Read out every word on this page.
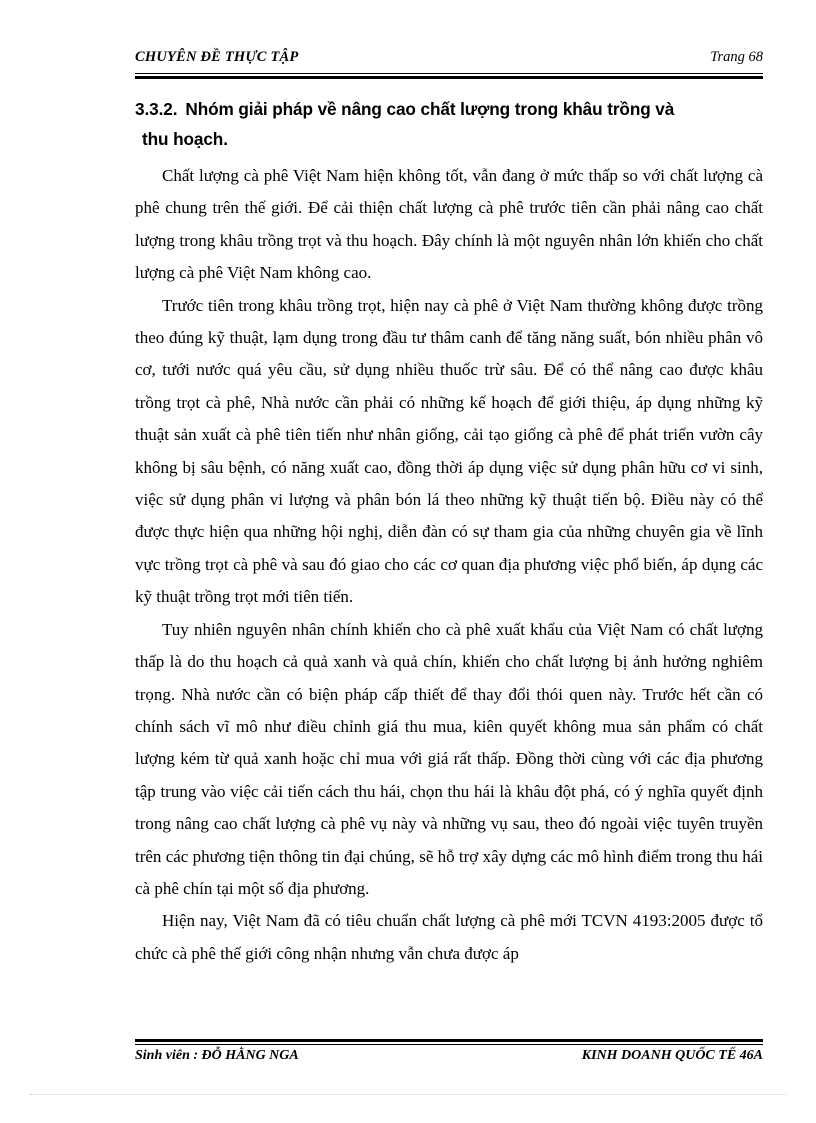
CHUYÊN ĐỀ THỰC TẬP	Trang 68
3.3.2. Nhóm giải pháp về nâng cao chất lượng trong khâu trồng và
thu hoạch.

Chất lượng cà phê Việt Nam hiện không tốt, vẫn đang ở mức thấp so với chất lượng cà phê chung trên thế giới. Để cải thiện chất lượng cà phê trước tiên cần phải nâng cao chất lượng trong khâu trồng trọt và thu hoạch. Đây chính là một nguyên nhân lớn khiến cho chất lượng cà phê Việt Nam không cao.

Trước tiên trong khâu trồng trọt, hiện nay cà phê ở Việt Nam thường không được trồng theo đúng kỹ thuật, lạm dụng trong đầu tư thâm canh để tăng năng suất, bón nhiều phân vô cơ, tưới nước quá yêu cầu, sử dụng nhiều thuốc trừ sâu. Để có thể nâng cao được khâu trồng trọt cà phê, Nhà nước cần phải có những kế hoạch để giới thiệu, áp dụng những kỹ thuật sản xuất cà phê tiên tiến như nhân giống, cải tạo giống cà phê để phát triển vườn cây không bị sâu bệnh, có năng xuất cao, đồng thời áp dụng việc sử dụng phân hữu cơ vi sinh, việc sử dụng phân vi lượng và phân bón lá theo những kỹ thuật tiến bộ. Điều này có thể được thực hiện qua những hội nghị, diễn đàn có sự tham gia của những chuyên gia về lĩnh vực trồng trọt cà phê và sau đó giao cho các cơ quan địa phương việc phổ biến, áp dụng các kỹ thuật trồng trọt mới tiên tiến.

Tuy nhiên nguyên nhân chính khiến cho cà phê xuất khẩu của Việt Nam có chất lượng thấp là do thu hoạch cả quả xanh và quả chín, khiến cho chất lượng bị ảnh hưởng nghiêm trọng. Nhà nước cần có biện pháp cấp thiết để thay đổi thói quen này. Trước hết cần có chính sách vĩ mô như điều chỉnh giá thu mua, kiên quyết không mua sản phẩm có chất lượng kém từ quả xanh hoặc chỉ mua với giá rất thấp. Đồng thời cùng với các địa phương tập trung vào việc cải tiến cách thu hái, chọn thu hái là khâu đột phá, có ý nghĩa quyết định trong nâng cao chất lượng cà phê vụ này và những vụ sau, theo đó ngoài việc tuyên truyền trên các phương tiện thông tin đại chúng, sẽ hỗ trợ xây dựng các mô hình điểm trong thu hái cà phê chín tại một số địa phương.

Hiện nay, Việt Nam đã có tiêu chuẩn chất lượng cà phê mới TCVN 4193:2005 được tổ chức cà phê thế giới công nhận nhưng vẫn chưa được áp

Sinh viên : ĐỖ HẰNG NGA	KINH DOANH QUỐC TẾ 46A
